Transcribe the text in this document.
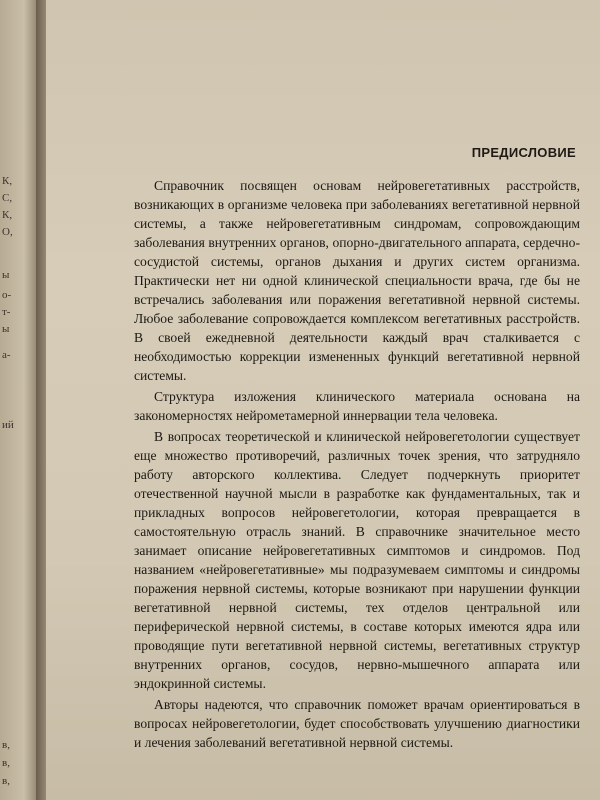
К,
С,
К,
О,
ы
о-
т-
ы
а-
ий
в,
в,
в,

ПРЕДИСЛОВИЕ

Справочник посвящен основам нейровегетативных расстройств, возникающих в организме человека при заболеваниях вегетативной нервной системы, а также нейровегетативным синдромам, сопровождающим заболевания внутренних органов, опорно-двигательного аппарата, сердечно-сосудистой системы, органов дыхания и других систем организма. Практически нет ни одной клинической специальности врача, где бы не встречались заболевания или поражения вегетативной нервной системы. Любое заболевание сопровождается комплексом вегетативных расстройств. В своей ежедневной деятельности каждый врач сталкивается с необходимостью коррекции измененных функций вегетативной нервной системы.

Структура изложения клинического материала основана на закономерностях нейрометамерной иннервации тела человека.

В вопросах теоретической и клинической нейровегетологии существует еще множество противоречий, различных точек зрения, что затрудняло работу авторского коллектива. Следует подчеркнуть приоритет отечественной научной мысли в разработке как фундаментальных, так и прикладных вопросов нейровегетологии, которая превращается в самостоятельную отрасль знаний. В справочнике значительное место занимает описание нейровегетативных симптомов и синдромов. Под названием «нейровегетативные» мы подразумеваем симптомы и синдромы поражения нервной системы, которые возникают при нарушении функции вегетативной нервной системы, тех отделов центральной или периферической нервной системы, в составе которых имеются ядра или проводящие пути вегетативной нервной системы, вегетативных структур внутренних органов, сосудов, нервно-мышечного аппарата или эндокринной системы.

Авторы надеются, что справочник поможет врачам ориентироваться в вопросах нейровегетологии, будет способствовать улучшению диагностики и лечения заболеваний вегетативной нервной системы.
